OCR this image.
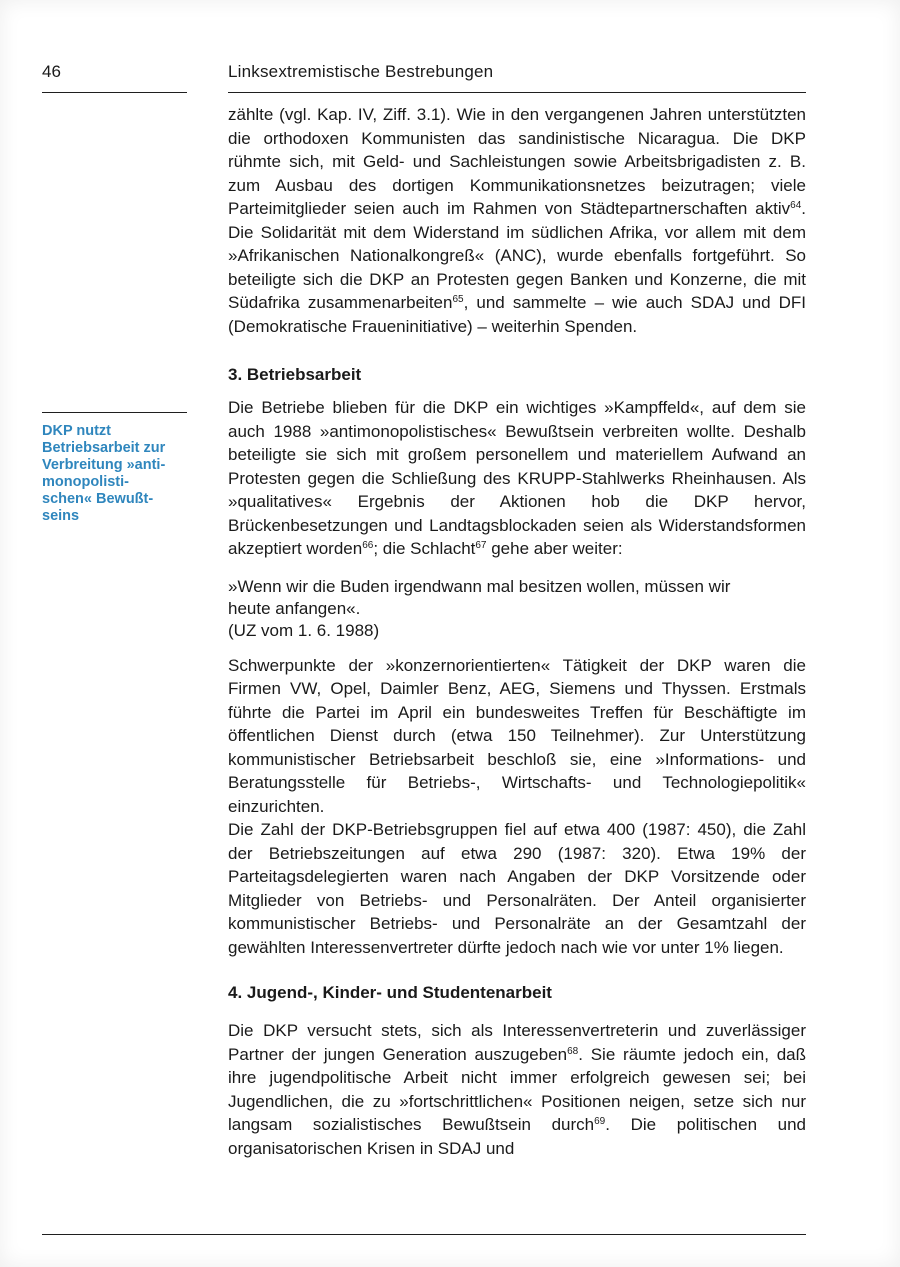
46	Linksextremistische Bestrebungen
DKP nutzt
Betriebsarbeit zur
Verbreitung »anti-
monopolisti-
schen« Bewußt-
seins

zählte (vgl. Kap. IV, Ziff. 3.1). Wie in den vergangenen Jahren unterstützten die orthodoxen Kommunisten das sandinistische Nicaragua. Die DKP rühmte sich, mit Geld- und Sachleistungen sowie Arbeitsbrigadisten z. B. zum Ausbau des dortigen Kommunikationsnetzes beizutragen; viele Parteimitglieder seien auch im Rahmen von Städtepartnerschaften aktiv$^{64}$. Die Solidarität mit dem Widerstand im südlichen Afrika, vor allem mit dem »Afrikanischen Nationalkongreß« (ANC), wurde ebenfalls fortgeführt. So beteiligte sich die DKP an Protesten gegen Banken und Konzerne, die mit Südafrika zusammenarbeiten$^{65}$, und sammelte – wie auch SDAJ und DFI (Demokratische Fraueninitiative) – weiterhin Spenden.

3. Betriebsarbeit

Die Betriebe blieben für die DKP ein wichtiges »Kampffeld«, auf dem sie auch 1988 »antimonopolistisches« Bewußtsein verbreiten wollte. Deshalb beteiligte sie sich mit großem personellem und materiellem Aufwand an Protesten gegen die Schließung des KRUPP-Stahlwerks Rheinhausen. Als »qualitatives« Ergebnis der Aktionen hob die DKP hervor, Brückenbesetzungen und Landtagsblockaden seien als Widerstandsformen akzeptiert worden$^{66}$; die Schlacht$^{67}$ gehe aber weiter:

»Wenn wir die Buden irgendwann mal besitzen wollen, müssen wir heute anfangen«.
(UZ vom 1. 6. 1988)

Schwerpunkte der »konzernorientierten« Tätigkeit der DKP waren die Firmen VW, Opel, Daimler Benz, AEG, Siemens und Thyssen. Erstmals führte die Partei im April ein bundesweites Treffen für Beschäftigte im öffentlichen Dienst durch (etwa 150 Teilnehmer). Zur Unterstützung kommunistischer Betriebsarbeit beschloß sie, eine »Informations- und Beratungsstelle für Betriebs-, Wirtschafts- und Technologiepolitik« einzurichten.

Die Zahl der DKP-Betriebsgruppen fiel auf etwa 400 (1987: 450), die Zahl der Betriebszeitungen auf etwa 290 (1987: 320). Etwa 19% der Parteitagsdelegierten waren nach Angaben der DKP Vorsitzende oder Mitglieder von Betriebs- und Personalräten. Der Anteil organisierter kommunistischer Betriebs- und Personalräte an der Gesamtzahl der gewählten Interessenvertreter dürfte jedoch nach wie vor unter 1% liegen.

4. Jugend-, Kinder- und Studentenarbeit

Die DKP versucht stets, sich als Interessenvertreterin und zuverlässiger Partner der jungen Generation auszugeben$^{68}$. Sie räumte jedoch ein, daß ihre jugendpolitische Arbeit nicht immer erfolgreich gewesen sei; bei Jugendlichen, die zu »fortschrittlichen« Positionen neigen, setze sich nur langsam sozialistisches Bewußtsein durch$^{69}$. Die politischen und organisatorischen Krisen in SDAJ und
